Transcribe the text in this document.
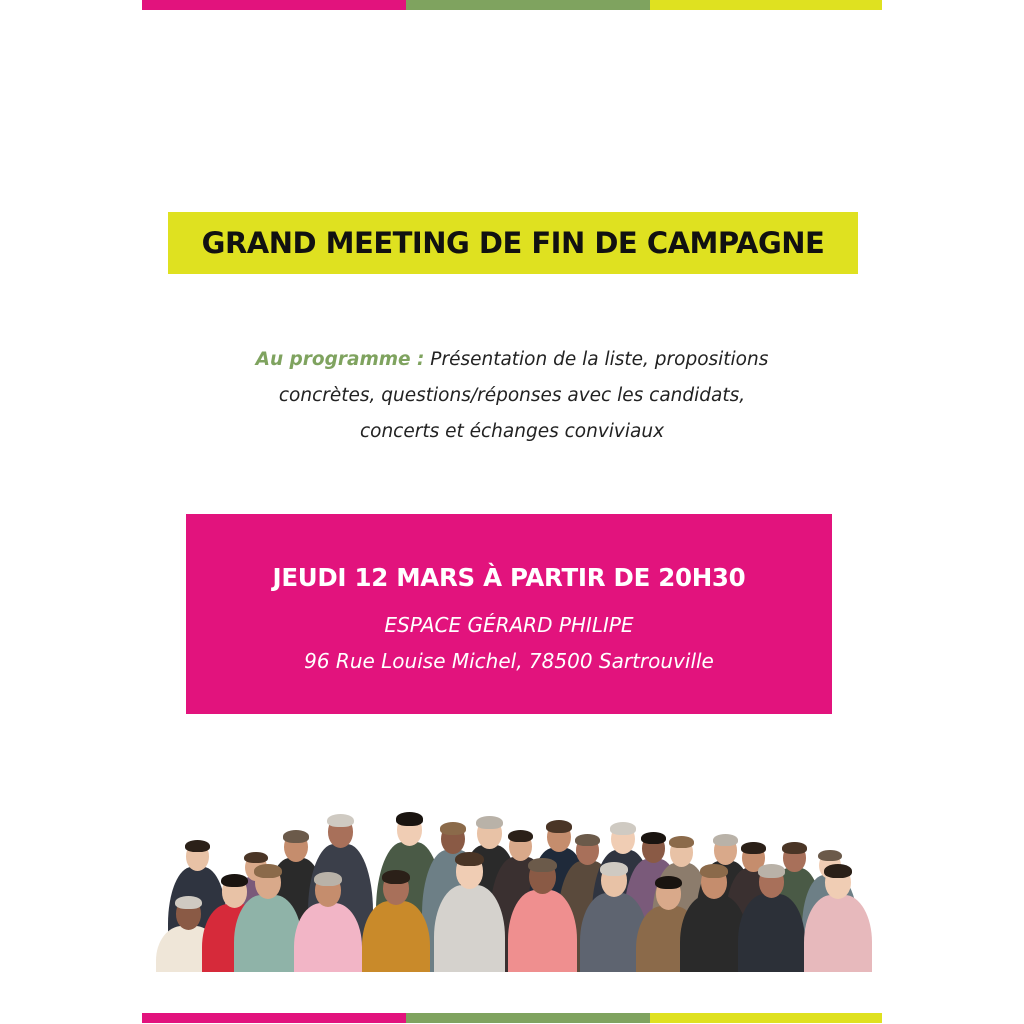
GRAND MEETING DE FIN DE CAMPAGNE
Au programme : Présentation de la liste, propositions
concrètes, questions/réponses avec les candidats,
concerts et échanges conviviaux
JEUDI 12 MARS À PARTIR DE 20H30
ESPACE GÉRARD PHILIPE
96 Rue Louise Michel, 78500 Sartrouville
